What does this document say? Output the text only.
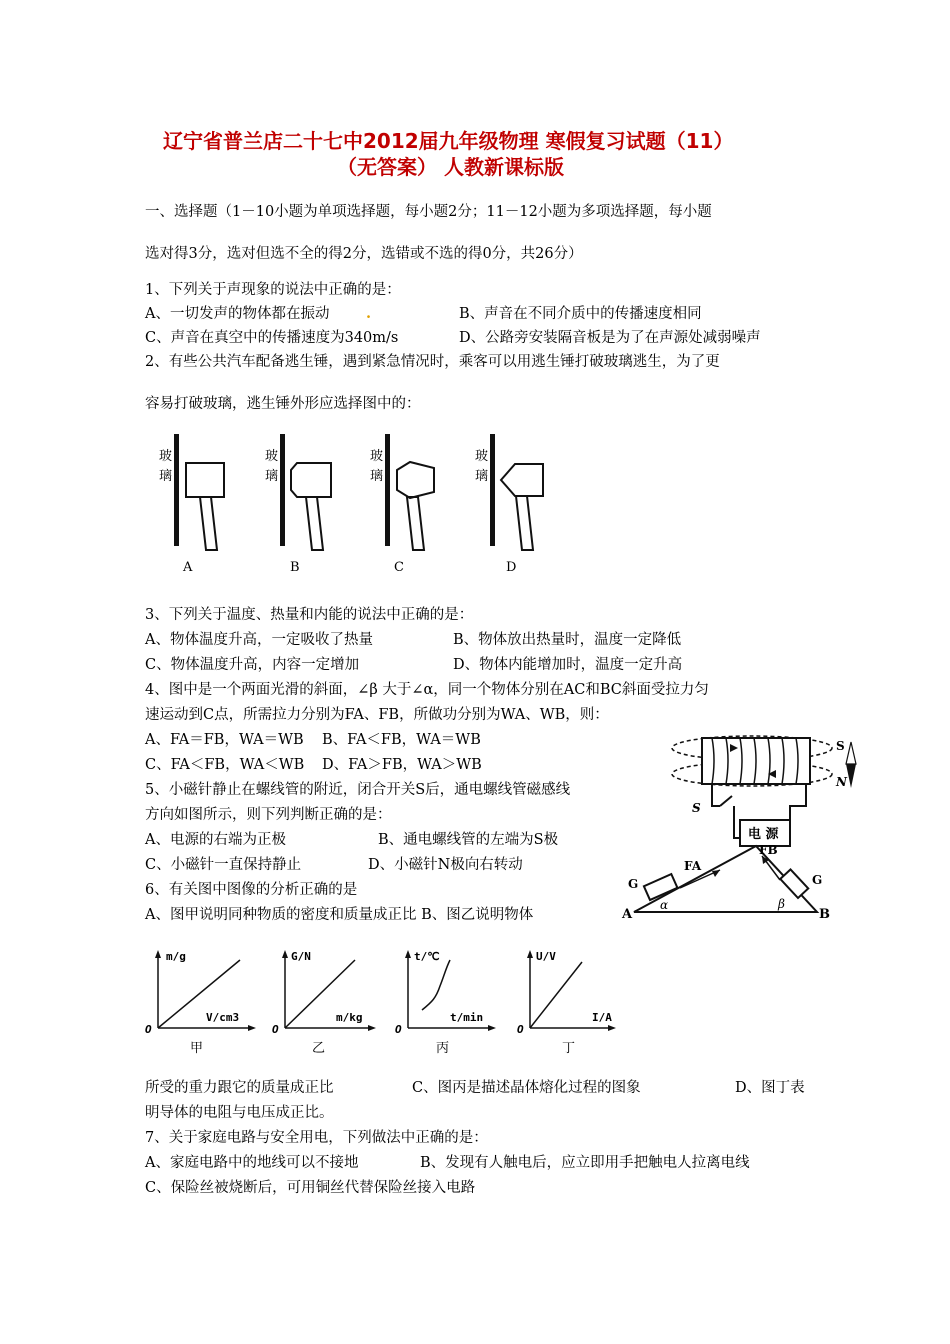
辽宁省普兰店二十七中2012届九年级物理 寒假复习试题（11）
（无答案） 人教新课标版
一、选择题（1－10小题为单项选择题，每小题2分；11－12小题为多项选择题，每小题
选对得3分，选对但选不全的得2分，选错或不选的得0分，共26分）
1、下列关于声现象的说法中正确的是：
A、一切发声的物体都在振动	.	B、声音在不同介质中的传播速度相同
C、声音在真空中的传播速度为340m/s	D、公路旁安装隔音板是为了在声源处减弱噪声
2、有些公共汽车配备逃生锤，遇到紧急情况时，乘客可以用逃生锤打破玻璃逃生，为了更
容易打破玻璃，逃生锤外形应选择图中的：
玻
璃
A
玻
璃
B
玻
璃
C
玻
璃
D
3、下列关于温度、热量和内能的说法中正确的是：
A、物体温度升高，一定吸收了热量	B、物体放出热量时，温度一定降低
C、物体温度升高，内容一定增加	D、物体内能增加时，温度一定升高
4、图中是一个两面光滑的斜面，∠β 大于∠α，同一个物体分别在AC和BC斜面受拉力匀
速运动到C点，所需拉力分别为FA、FB，所做功分别为WA、WB，则：
A、FA＝FB，WA＝WB B、FA＜FB，WA＝WB
C、FA＜FB，WA＜WB D、FA＞FB，WA＞WB
5、小磁针静止在螺线管的附近，闭合开关S后，通电螺线管磁感线
方向如图所示，则下列判断正确的是：
A、电源的右端为正极	B、通电螺线管的左端为S极
C、小磁针一直保持静止	D、小磁针N极向右转动
S
N
S
电 源
A	B
FA
G
α
FB
G
β
6、有关图中图像的分析正确的是
A、图甲说明同种物质的密度和质量成正比 B、图乙说明物体
m/g
V/cm3
O
甲
G/N
m/kg
O
乙
t/℃
t/min
O
丙
U/V
I/A
O
丁
所受的重力跟它的质量成正比	C、图丙是描述晶体熔化过程的图象	D、图丁表
明导体的电阻与电压成正比。
7、关于家庭电路与安全用电，下列做法中正确的是：
A、家庭电路中的地线可以不接地	B、发现有人触电后，应立即用手把触电人拉离电线
C、保险丝被烧断后，可用铜丝代替保险丝接入电路
